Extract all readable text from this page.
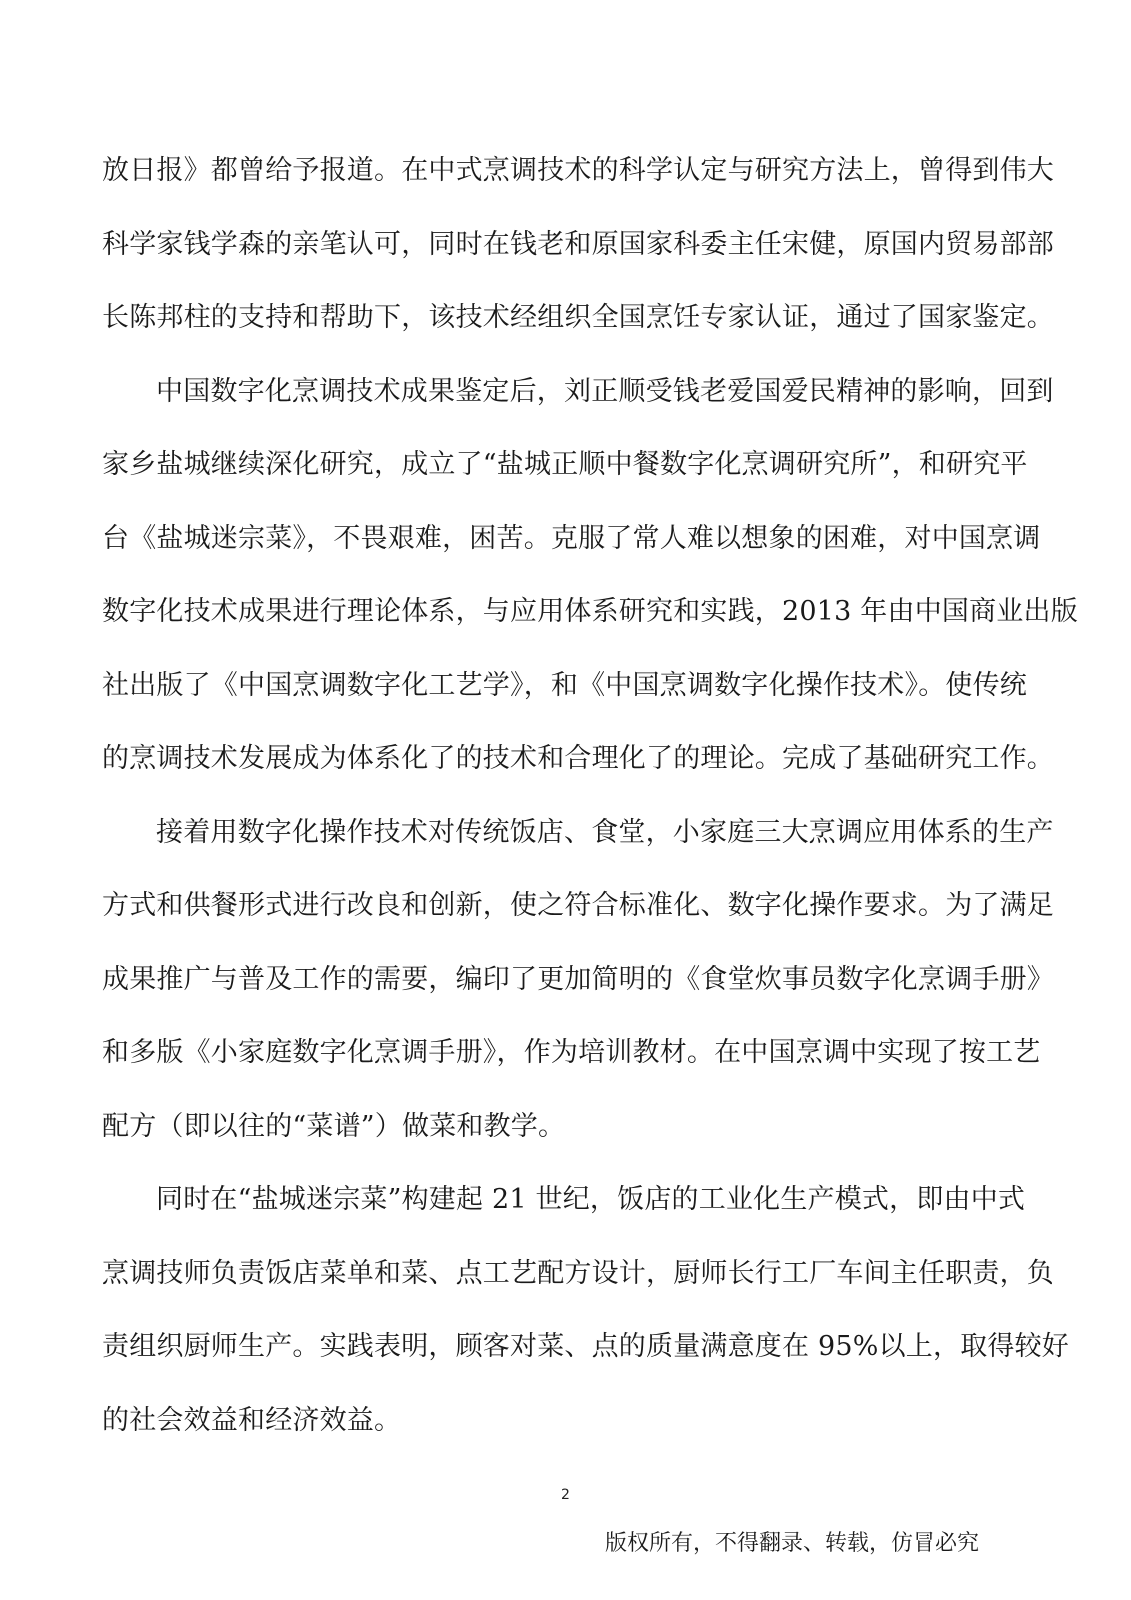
放日报》都曾给予报道。在中式烹调技术的科学认定与研究方法上，曾得到伟大
科学家钱学森的亲笔认可，同时在钱老和原国家科委主任宋健，原国内贸易部部
长陈邦柱的支持和帮助下，该技术经组织全国烹饪专家认证，通过了国家鉴定。
中国数字化烹调技术成果鉴定后，刘正顺受钱老爱国爱民精神的影响，回到
家乡盐城继续深化研究，成立了“盐城正顺中餐数字化烹调研究所”，和研究平
台《盐城迷宗菜》，不畏艰难，困苦。克服了常人难以想象的困难，对中国烹调
数字化技术成果进行理论体系，与应用体系研究和实践，2013 年由中国商业出版
社出版了《中国烹调数字化工艺学》，和《中国烹调数字化操作技术》。使传统
的烹调技术发展成为体系化了的技术和合理化了的理论。完成了基础研究工作。
接着用数字化操作技术对传统饭店、食堂，小家庭三大烹调应用体系的生产
方式和供餐形式进行改良和创新，使之符合标准化、数字化操作要求。为了满足
成果推广与普及工作的需要，编印了更加简明的《食堂炊事员数字化烹调手册》
和多版《小家庭数字化烹调手册》，作为培训教材。在中国烹调中实现了按工艺
配方（即以往的“菜谱”）做菜和教学。
同时在“盐城迷宗菜”构建起 21 世纪，饭店的工业化生产模式，即由中式
烹调技师负责饭店菜单和菜、点工艺配方设计，厨师长行工厂车间主任职责，负
责组织厨师生产。实践表明，顾客对菜、点的质量满意度在 95%以上，取得较好
的社会效益和经济效益。
2
版权所有，不得翻录、转载，仿冒必究
